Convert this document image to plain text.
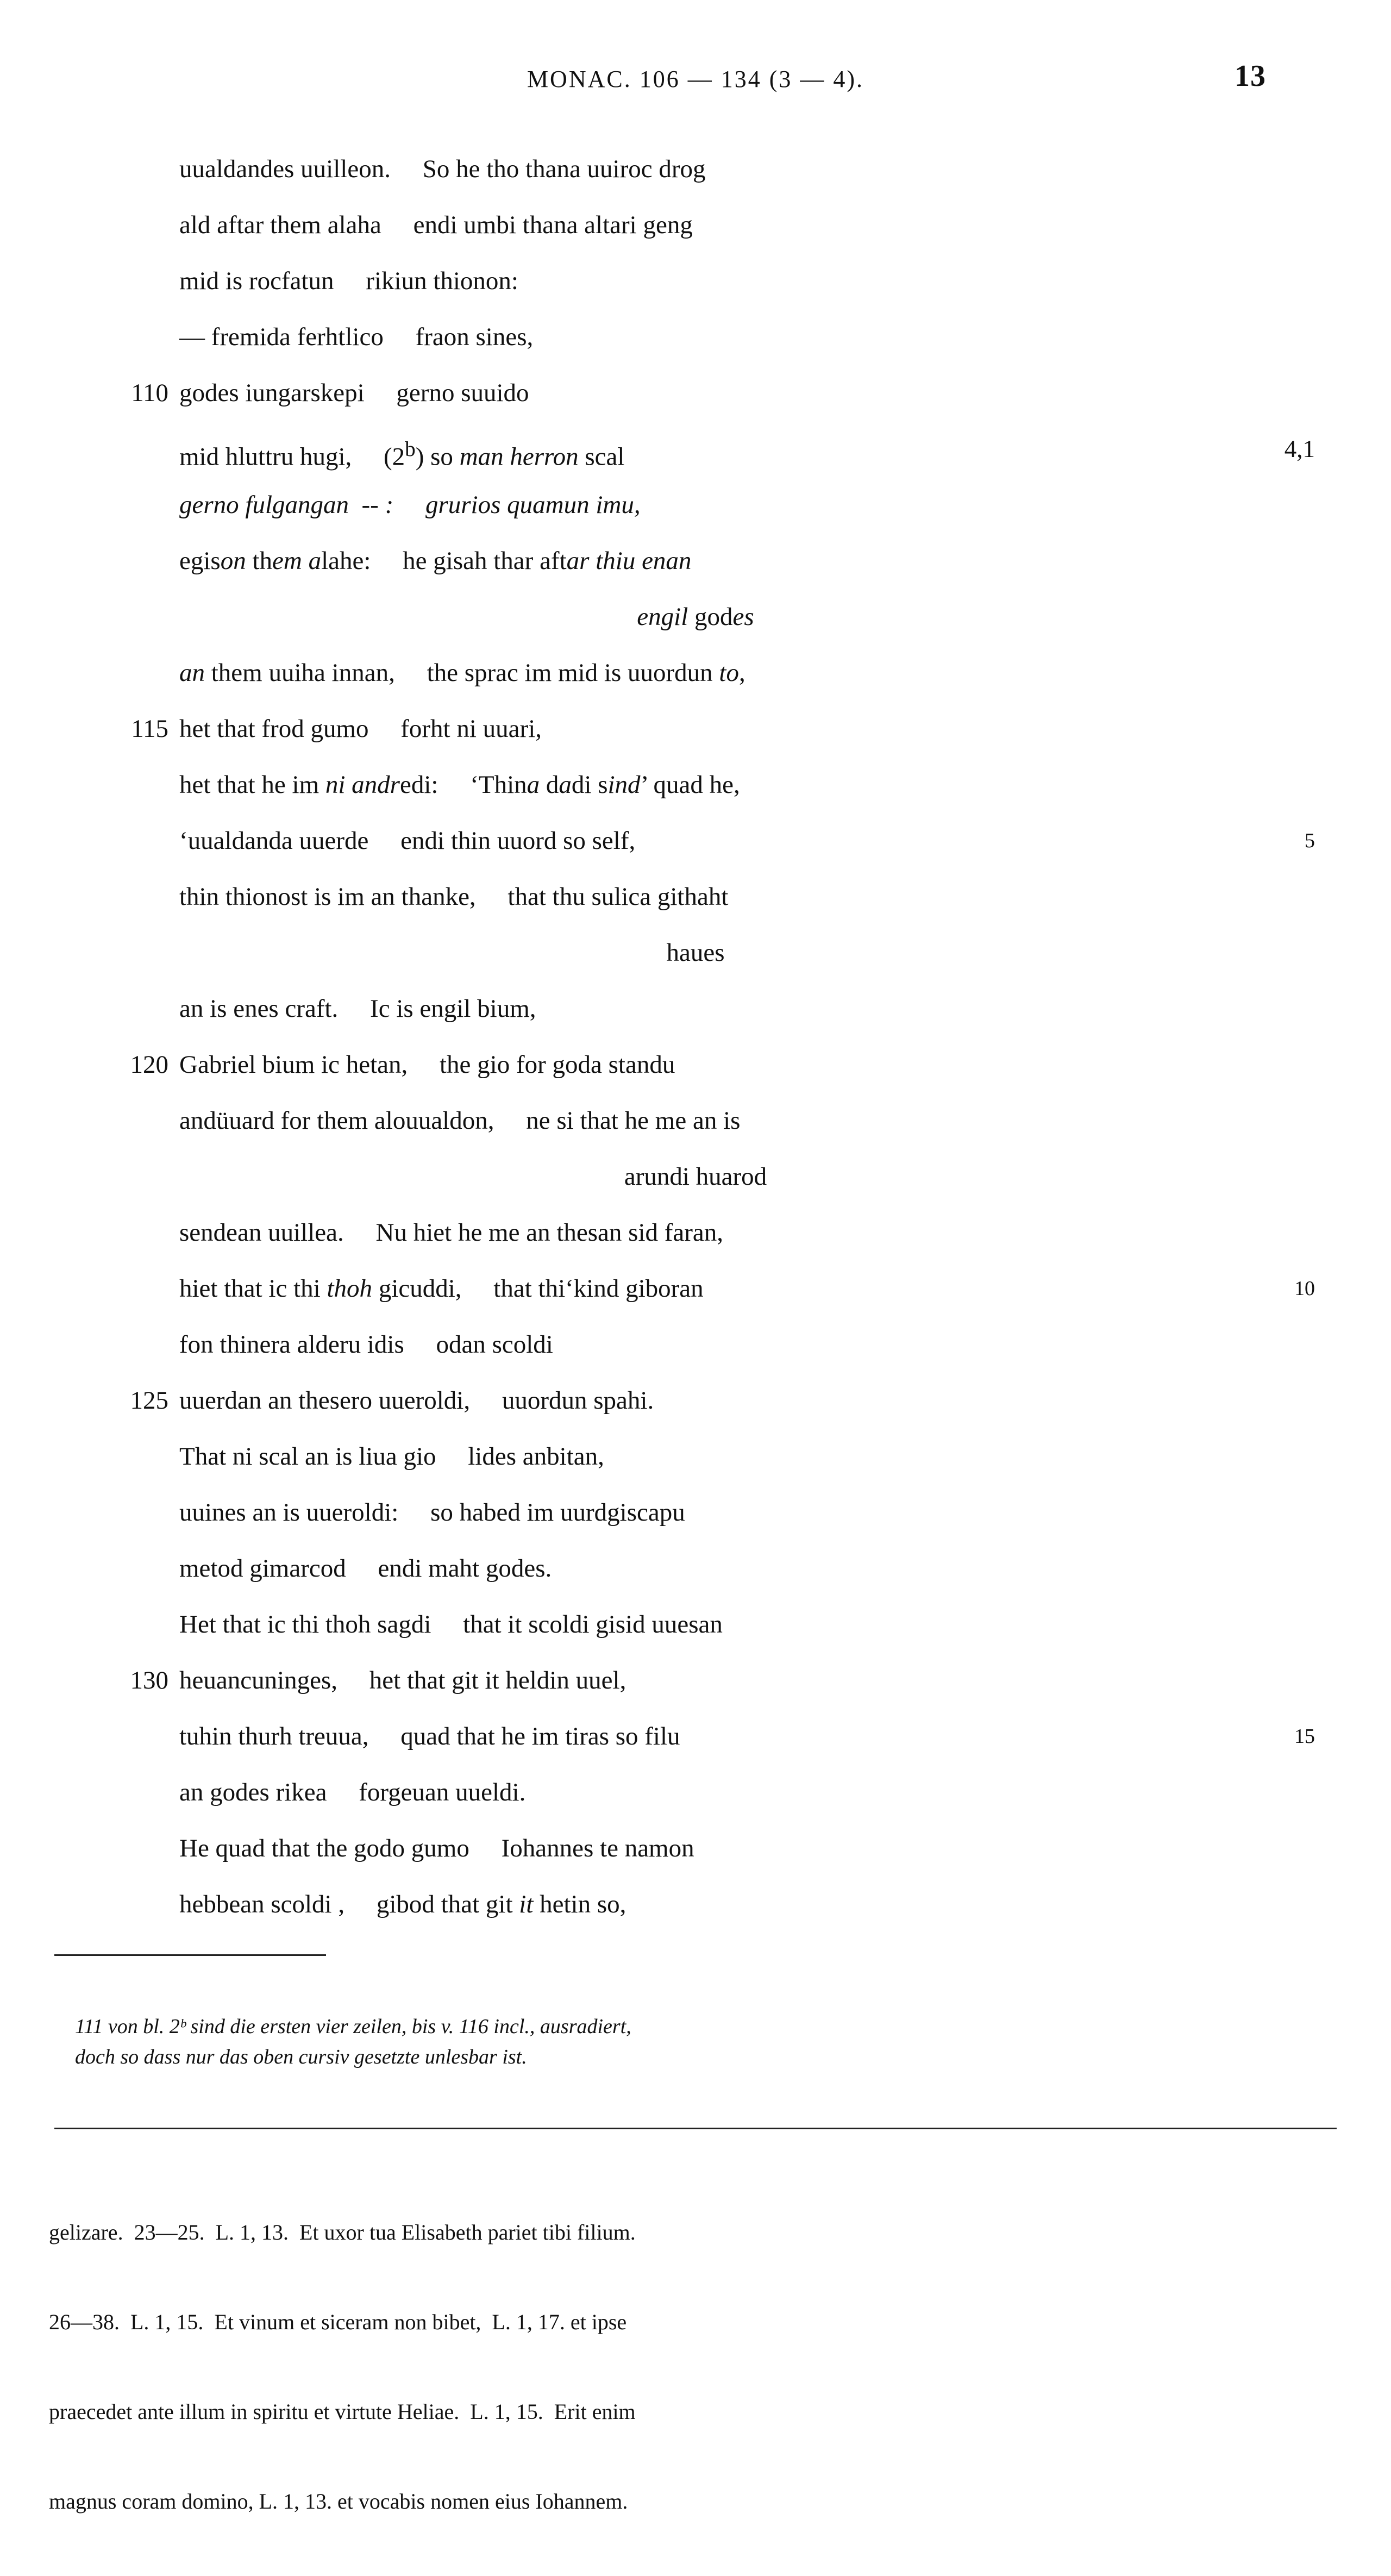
MONAC. 106 — 134 (3 — 4).	13
uualdandes uuilleon.  So he tho thana uuiroc drog
ald aftar them alaha  endi umbi thana altari geng
mid is rocfatun  rikiun thionon:
— fremida ferhtlico  fraon sines,
110 godes iungarskepi  gerno suuido
mid hluttru hugi,  (2$^b$) so man herron scal	4,1
gerno fulgangan  -- :  grurios quamun imu,
egison them alahe:  he gisah thar aftar thiu enan
engil godes
an them uuiha innan,  the sprac im mid is uuordun to,
115 het that frod gumo  forht ni uuari,
het that he im ni andredi:  ‘Thina dadi sind’ quad he,
‘uualdanda uuerde  endi thin uuord so self,	5
thin thionost is im an thanke,  that thu sulica githaht
haues
an is enes craft.  Ic is engil bium,
120 Gabriel bium ic hetan,  the gio for goda standu
andüuard for them alouualdon,  ne si that he me an is
arundi huarod
sendean uuillea.  Nu hiet he me an thesan sid faran,
hiet that ic thi thoh gicuddi,  that thi‘kind giboran	10
fon thinera alderu idis  odan scoldi
125 uuerdan an thesero uueroldi,  uuordun spahi.
That ni scal an is liua gio  lides anbitan,
uuines an is uueroldi:  so habed im uurdgiscapu
metod gimarcod  endi maht godes.
Het that ic thi thoh sagdi  that it scoldi gisid uuesan
130 heuancuninges,  het that git it heldin uuel,
tuhin thurh treuua,  quad that he im tiras so filu	15
an godes rikea  forgeuan uueldi.
He quad that the godo gumo  Iohannes te namon
hebbean scoldi ,  gibod that git it hetin so,

111 von bl. 2ᵇ sind die ersten vier zeilen, bis v. 116 incl., ausradiert,
doch so dass nur das oben cursiv gesetzte unlesbar ist.

gelizare.  23—25.  L. 1, 13.  Et uxor tua Elisabeth pariet tibi filium.

26—38.  L. 1, 15.  Et vinum et siceram non bibet,  L. 1, 17. et ipse

praecedet ante illum in spiritu et virtute Heliae.  L. 1, 15.  Erit enim

magnus coram domino, L. 1, 13. et vocabis nomen eius Iohannem.
